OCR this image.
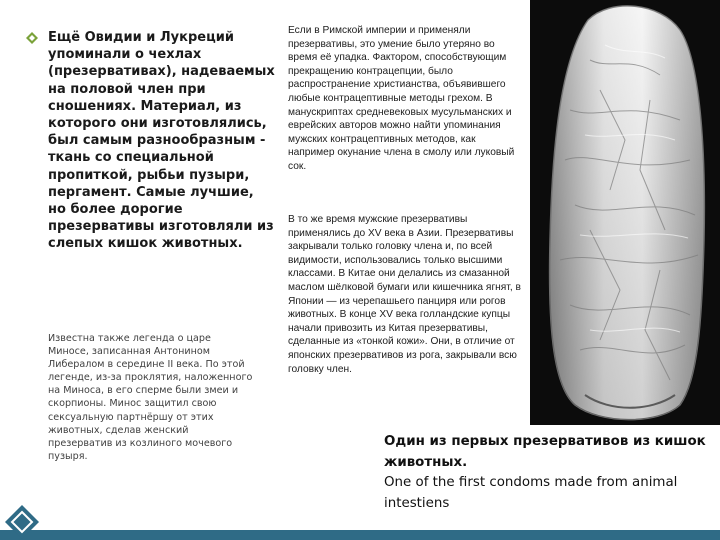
Ещё Овидии и Лукреций упоминали о чехлах (презервативах), надеваемых на половой член при сношениях. Материал, из которого они изготовлялись, был самым разнообразным - ткань со специальной пропиткой, рыбьи пузыри, пергамент. Самые лучшие, но более дорогие презервативы изготовляли из слепых кишок животных.
Известна также легенда о царе Миносе, записанная Антонином Либералом в середине II века. По этой легенде, из-за проклятия, наложенного на Миноса, в его сперме были змеи и скорпионы. Минос защитил свою сексуальную партнёршу от этих животных, сделав женский презерватив из козлиного мочевого пузыря.
Если в Римской империи и применяли презервативы, это умение было утеряно во время её упадка. Фактором, способствующим прекращению контрацепции, было распространение христианства, объявившего любые контрацептивные методы грехом. В манускриптах средневековых мусульманских и еврейских авторов можно найти упоминания мужских контрацептивных методов, как например окунание члена в смолу или луковый сок.
В то же время мужские презервативы применялись до XV века в Азии. Презервативы закрывали только головку члена и, по всей видимости, использовались только высшими классами. В Китае они делались из смазанной маслом шёлковой бумаги или кишечника ягнят, в Японии — из черепашьего панциря или рогов животных. В конце XV века голландские купцы начали привозить из Китая презервативы, сделанные из «тонкой кожи». Они, в отличие от японских презервативов из рога, закрывали всю головку член.
Один из первых презервативов из кишок животных.
One of the first condoms made from animal intestiens
